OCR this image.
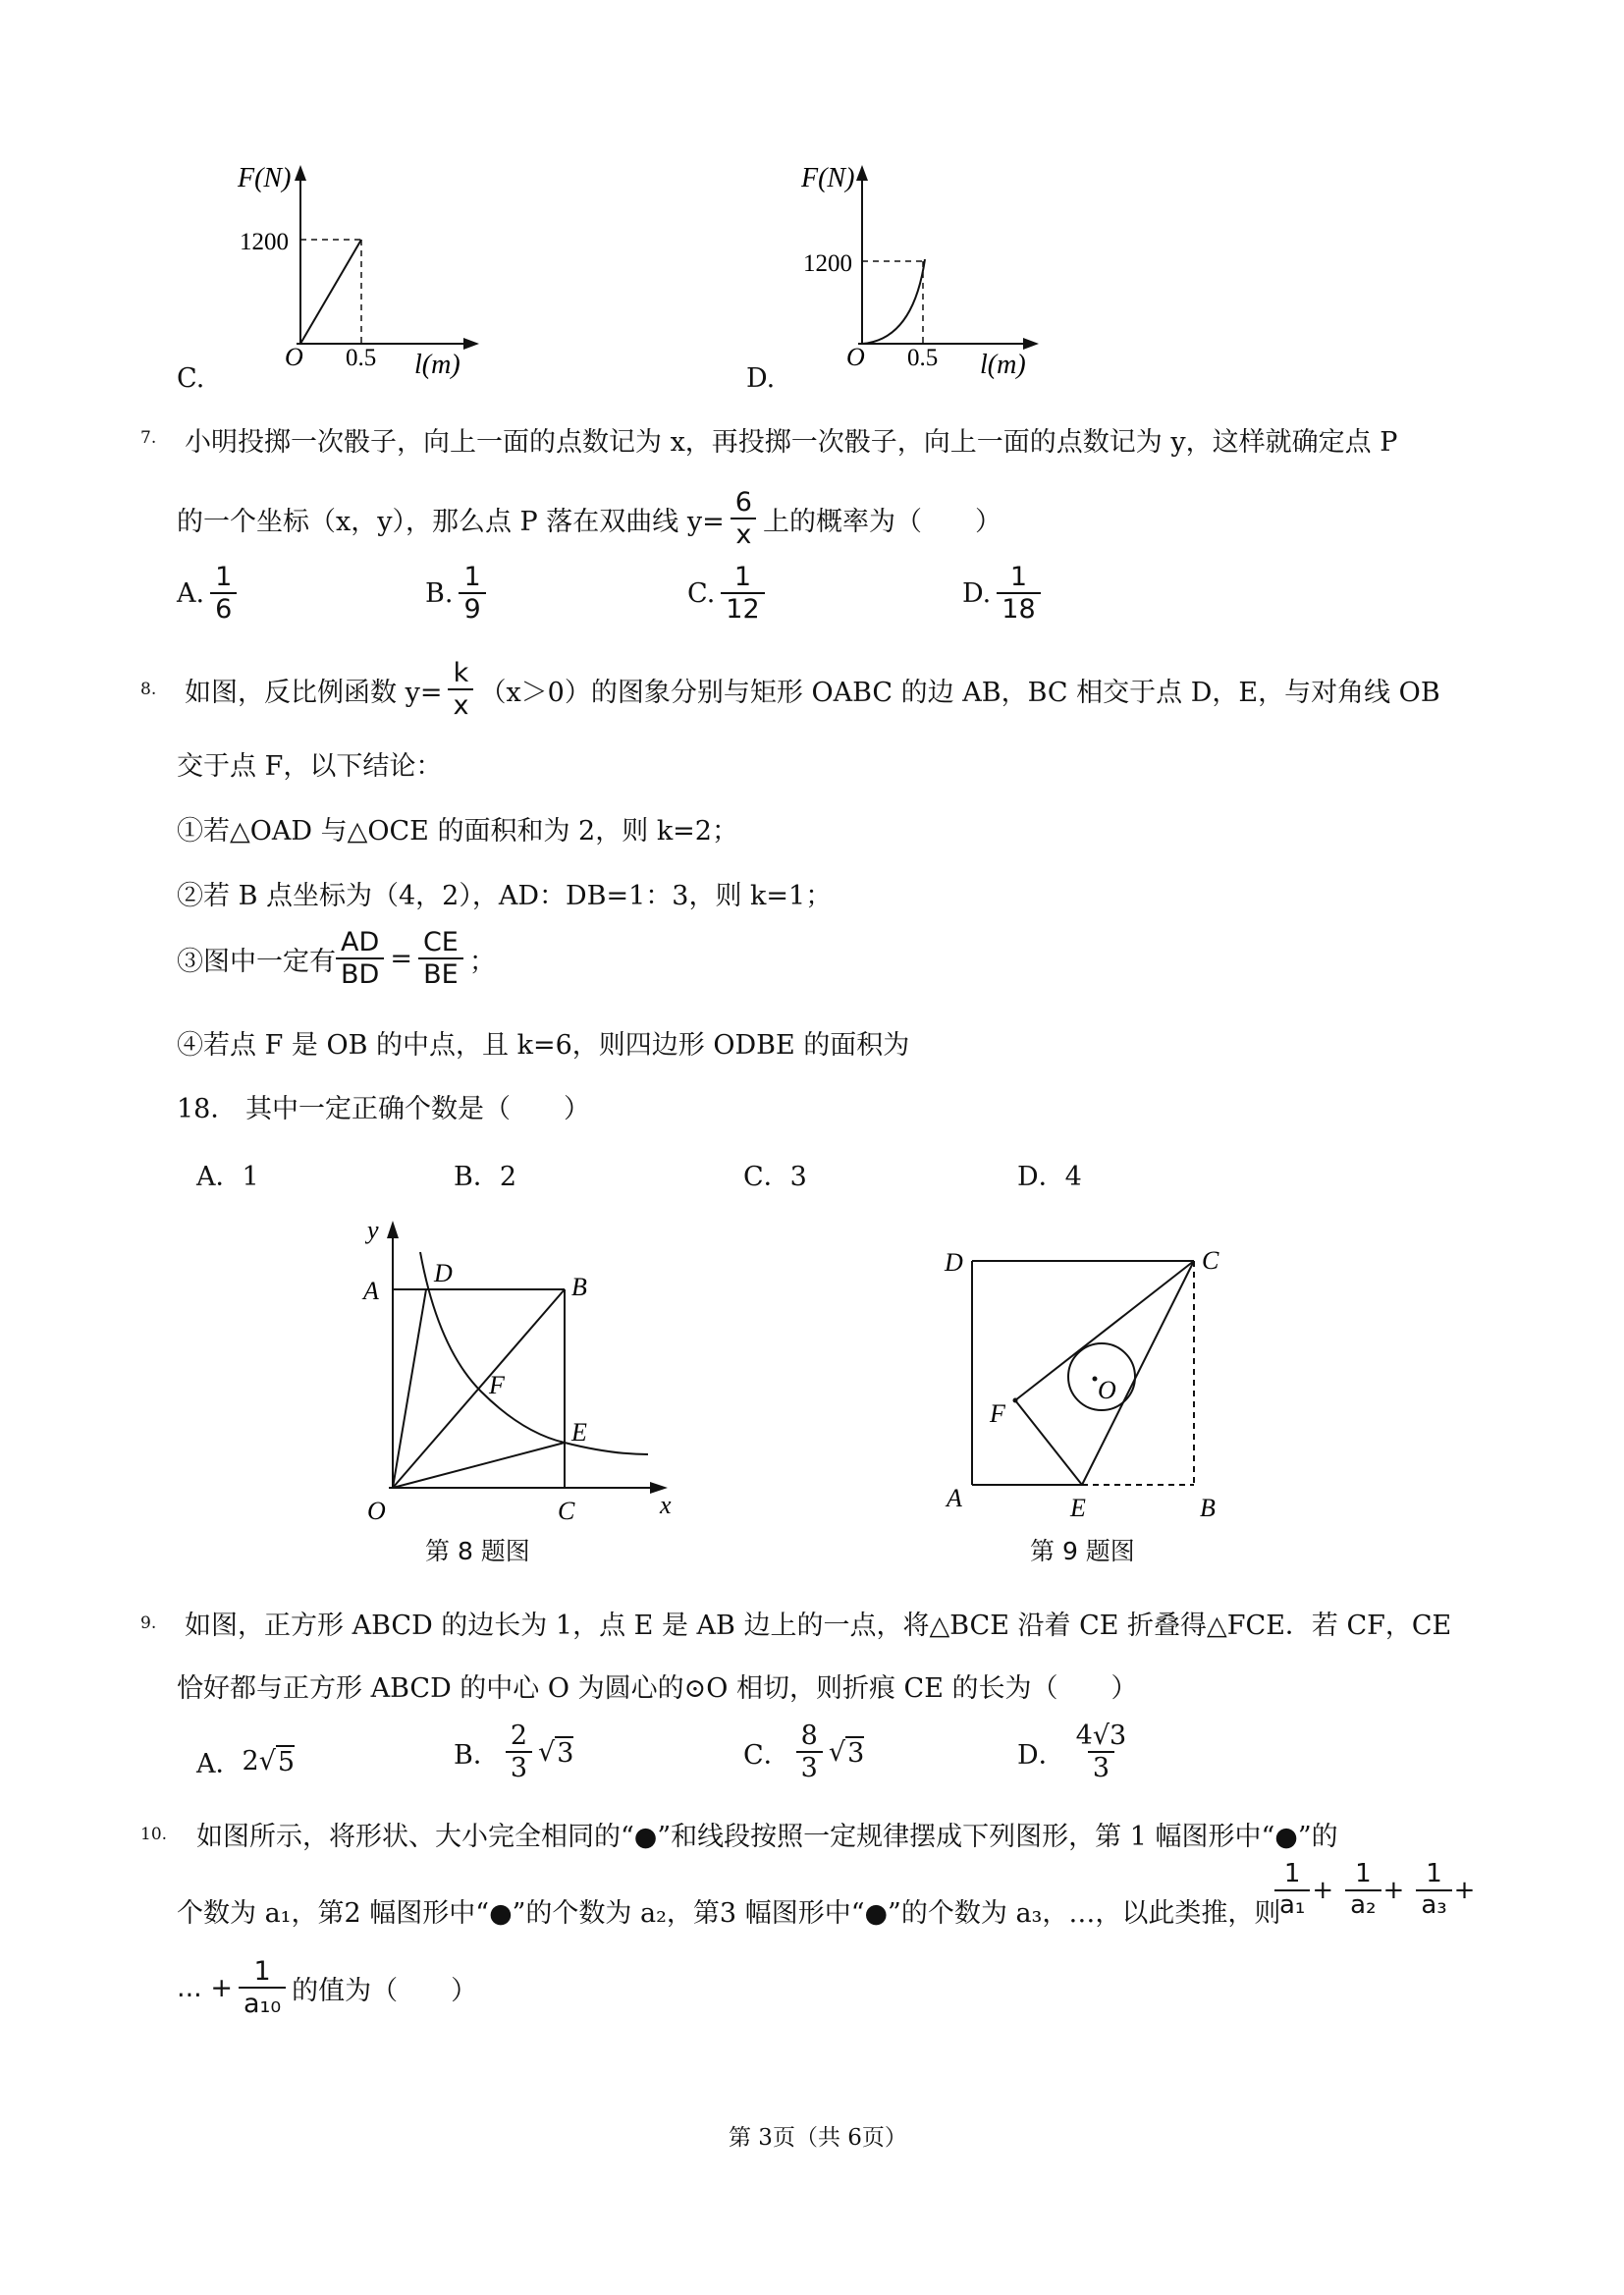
F(N)
1200
O 0.5 l(m)
C.
F(N)
1200
O 0.5 l(m)
D.
7. 小明投掷一次骰子，向上一面的点数记为 x，再投掷一次骰子，向上一面的点数记为 y，这样就确定点 P
的一个坐标（x，y），那么点 P 落在双曲线 $y= \frac{6}{x}$ 上的概率为（　　）
A. $\frac{1}{6}$	B. $\frac{1}{9}$	C. $\frac{1}{12}$	D. $\frac{1}{18}$
8. 如图，反比例函数 $y= \frac{k}{x} (x>0)$的图象分别与矩形 OABC 的边 AB，BC 相交于点 D，E，与对角线 OB
交于点 F，以下结论：
①若△OAD 与△OCE 的面积和为 2，则 k=2；
②若 B 点坐标为（4，2），AD：DB=1：3，则 k=1；
③图中一定有 $\frac{AD}{BD} = \frac{CE}{BE}$ ；
④若点 F 是 OB 的中点，且 k=6，则四边形 ODBE 的面积为
18． 其中一定正确个数是（　　）
A．1	B．2	C．3	D．4
y
A
D	B
F
E
O	C	x
第 8 题图
D	C
O
F
A	E	B
第 9 题图
9. 如图，正方形 ABCD 的边长为 1，点 E 是 AB 边上的一点，将△BCE 沿着 CE 折叠得△FCE．若 CF，CE
恰好都与正方形 ABCD 的中心 O 为圆心的⊙O 相切，则折痕 CE 的长为（　　）
A． 2 √ 5	B． $\frac{2}{3}$ √ 3	C． $\frac{8}{3}$ √ 3	D． $\frac{4√3}{3}$
10. 如图所示，将形状、大小完全相同的“●”和线段按照一定规律摆成下列图形，第 1 幅图形中“●”的
个数为 a₁，第2 幅图形中“●”的个数为 a₂，第3 幅图形中“●”的个数为 a₃，…，以此类推，则
$\frac{1}{\text{a₁}} + \frac{1}{\text{a₂}} + \frac{1}{\text{a₃}}$ +
... + $\frac{1}{\text{a₁₀}}$ 的值为（　　）
第 3页（共 6页）
